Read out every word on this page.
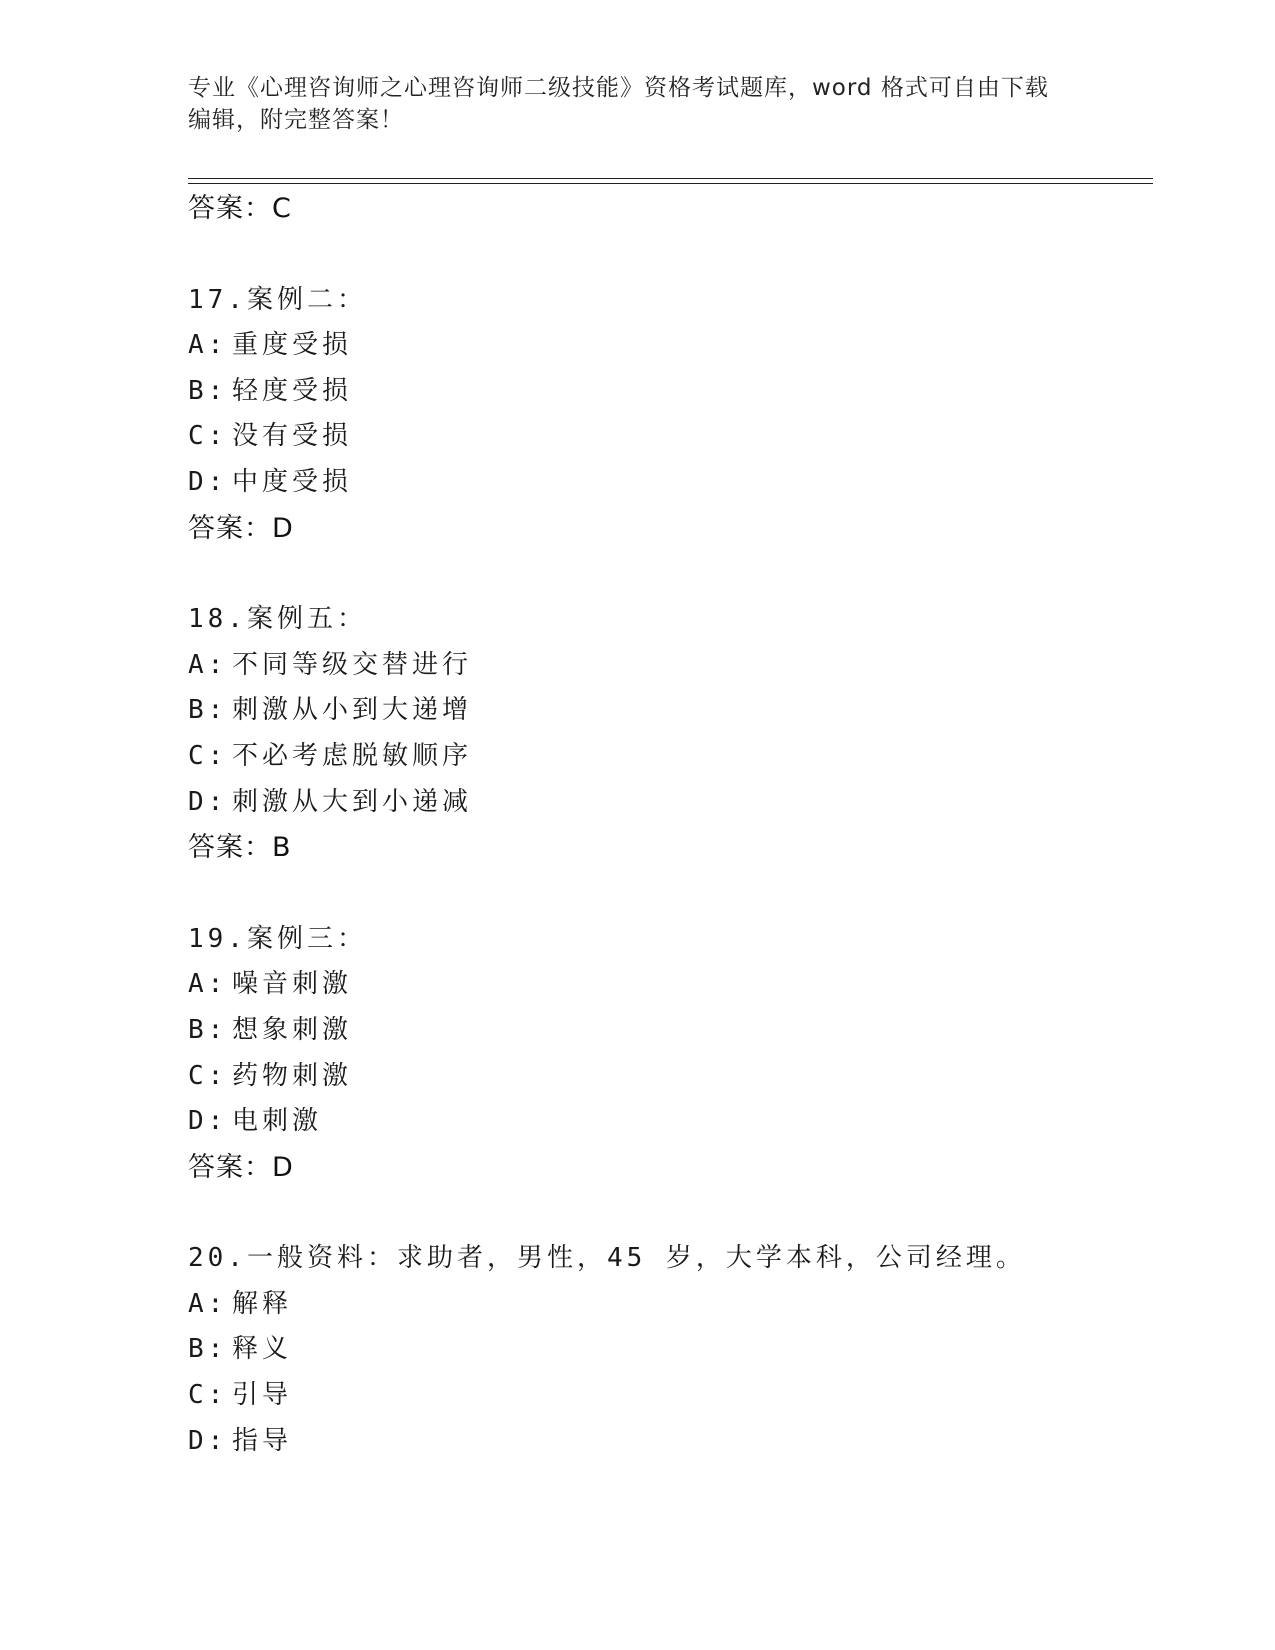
专业《心理咨询师之心理咨询师二级技能》资格考试题库，word 格式可自由下载
编辑，附完整答案！
答案：C
17.案例二：
A: 重度受损
B: 轻度受损
C: 没有受损
D: 中度受损
答案：D
18.案例五：
A: 不同等级交替进行
B: 刺激从小到大递增
C: 不必考虑脱敏顺序
D: 刺激从大到小递减
答案：B
19.案例三：
A: 噪音刺激
B: 想象刺激
C: 药物刺激
D: 电刺激
答案：D
20.一般资料：求助者，男性，45 岁，大学本科，公司经理。
A: 解释
B: 释义
C: 引导
D: 指导
